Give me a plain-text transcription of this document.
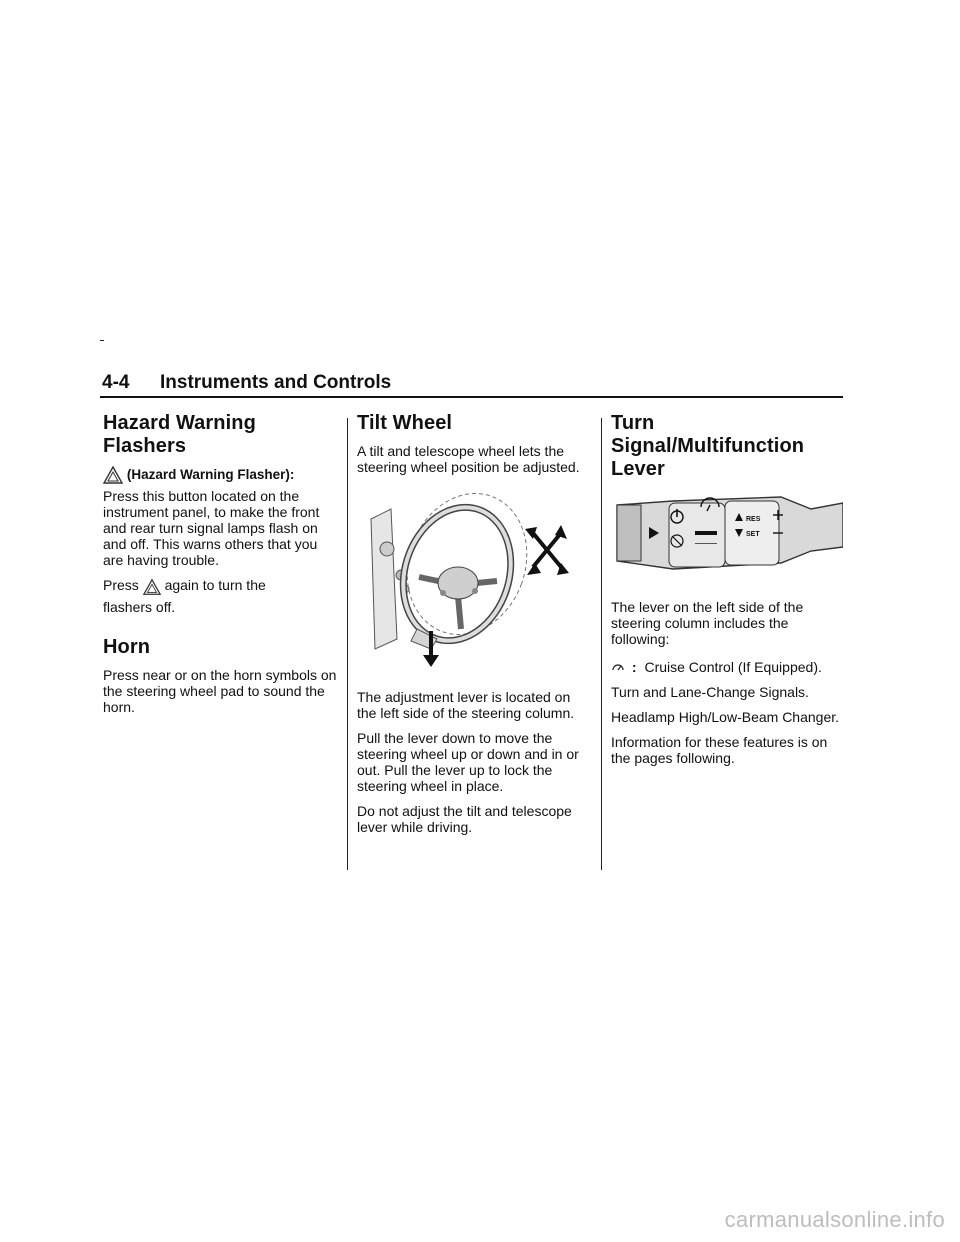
4-4 Instruments and Controls
Hazard Warning Flashers

(Hazard Warning Flasher):

Press this button located on the instrument panel, to make the front and rear turn signal lamps flash on and off. This warns others that you are having trouble.

Press again to turn the

flashers off.

Horn

Press near or on the horn symbols on the steering wheel pad to sound the horn.

Tilt Wheel

A tilt and telescope wheel lets the steering wheel position be adjusted.

The adjustment lever is located on the left side of the steering column.

Pull the lever down to move the steering wheel up or down and in or out. Pull the lever up to lock the steering wheel in place.

Do not adjust the tilt and telescope lever while driving.

Turn Signal/Multifunction
Lever
RES
SET

The lever on the left side of the steering column includes the following:

: Cruise Control (If Equipped).

Turn and Lane-Change Signals.

Headlamp High/Low-Beam Changer.

Information for these features is on the pages following.

carmanualsonline.info
